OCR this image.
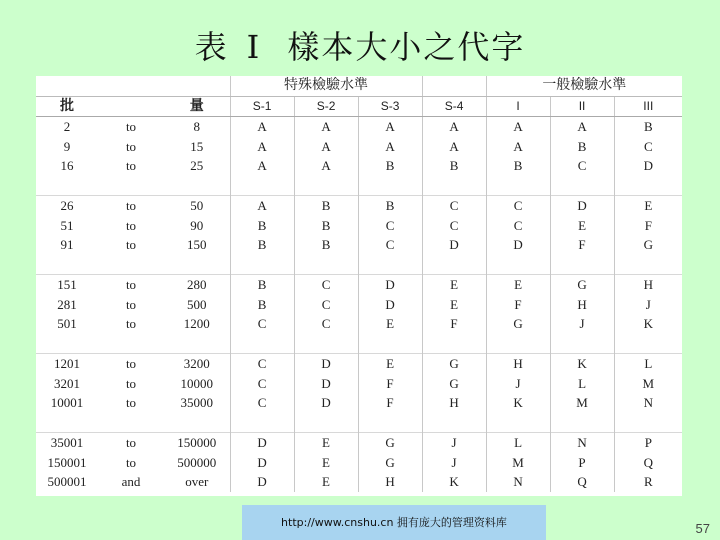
表 I 樣本大小之代字
			特殊檢驗水準				一般檢驗水準		
批		量	S-1	S-2	S-3	S-4	I	II	III
2	to	8	A	A	A	A	A	A	B
9	to	15	A	A	A	A	A	B	C
16	to	25	A	A	B	B	B	C	D

26	to	50	A	B	B	C	C	D	E
51	to	90	B	B	C	C	C	E	F
91	to	150	B	B	C	D	D	F	G

151	to	280	B	C	D	E	E	G	H
281	to	500	B	C	D	E	F	H	J
501	to	1200	C	C	E	F	G	J	K

1201	to	3200	C	D	E	G	H	K	L
3201	to	10000	C	D	F	G	J	L	M
10001	to	35000	C	D	F	H	K	M	N

35001	to	150000	D	E	G	J	L	N	P
150001	to	500000	D	E	G	J	M	P	Q
500001	and	over	D	E	H	K	N	Q	R
http://www.cnshu.cn 拥有庞大的管理资料库	57
